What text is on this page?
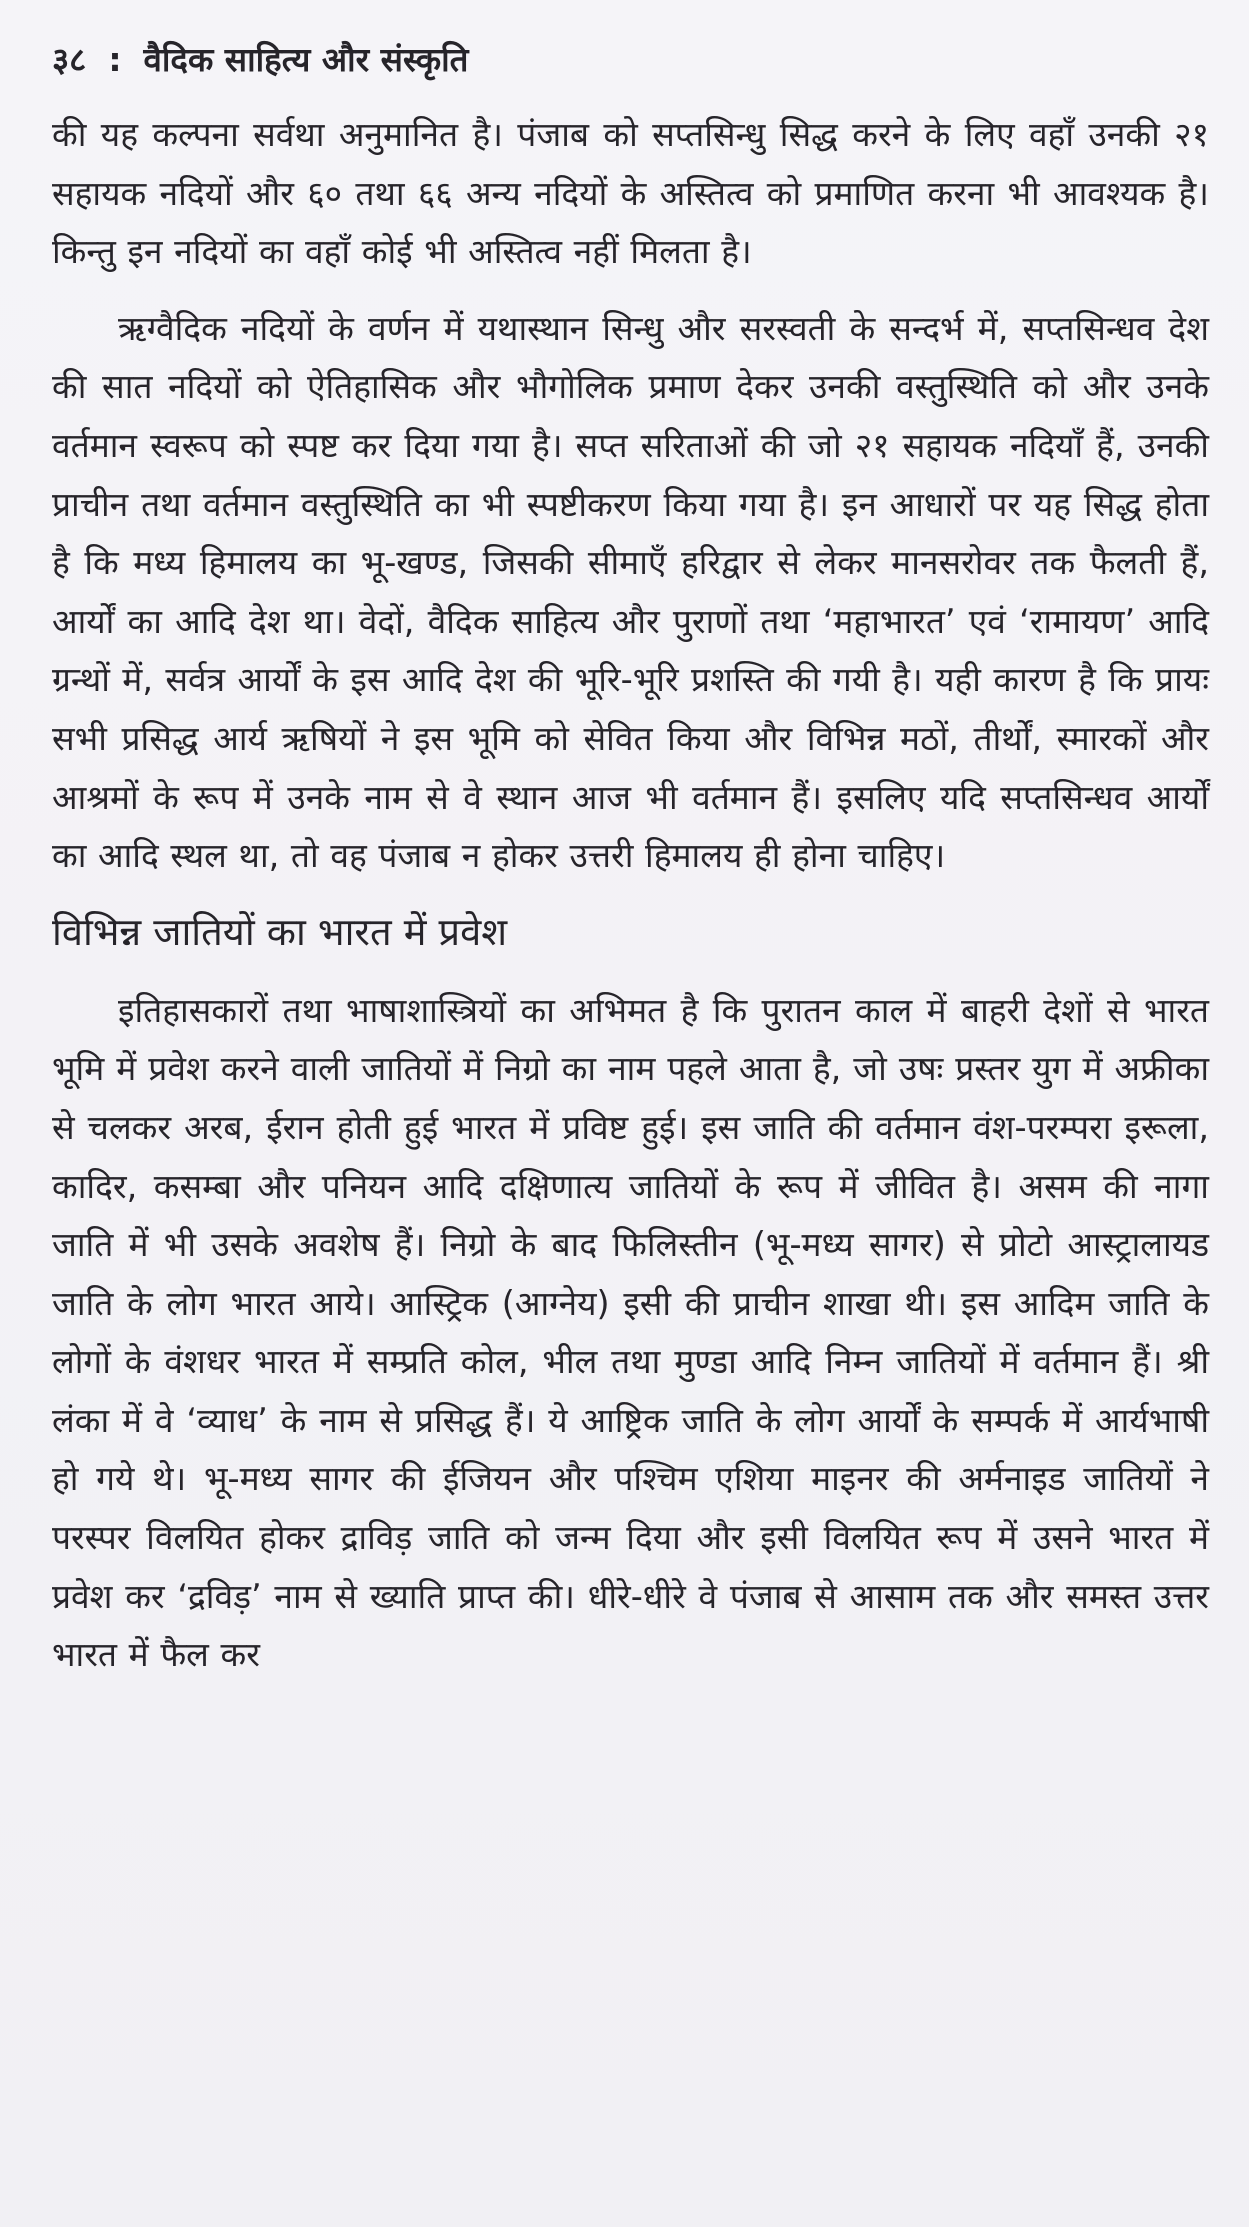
३८ : वैदिक साहित्य और संस्कृति

की यह कल्पना सर्वथा अनुमानित है। पंजाब को सप्तसिन्धु सिद्ध करने के लिए वहाँ उनकी २१ सहायक नदियों और ६० तथा ६६ अन्य नदियों के अस्तित्व को प्रमाणित करना भी आवश्यक है। किन्तु इन नदियों का वहाँ कोई भी अस्तित्व नहीं मिलता है।

ऋग्वैदिक नदियों के वर्णन में यथास्थान सिन्धु और सरस्वती के सन्दर्भ में, सप्तसिन्धव देश की सात नदियों को ऐतिहासिक और भौगोलिक प्रमाण देकर उनकी वस्तुस्थिति को और उनके वर्तमान स्वरूप को स्पष्ट कर दिया गया है। सप्त सरिताओं की जो २१ सहायक नदियाँ हैं, उनकी प्राचीन तथा वर्तमान वस्तुस्थिति का भी स्पष्टीकरण किया गया है। इन आधारों पर यह सिद्ध होता है कि मध्य हिमालय का भू-खण्ड, जिसकी सीमाएँ हरिद्वार से लेकर मानसरोवर तक फैलती हैं, आर्यों का आदि देश था। वेदों, वैदिक साहित्य और पुराणों तथा ‘महाभारत’ एवं ‘रामायण’ आदि ग्रन्थों में, सर्वत्र आर्यों के इस आदि देश की भूरि-भूरि प्रशस्ति की गयी है। यही कारण है कि प्रायः सभी प्रसिद्ध आर्य ऋषियों ने इस भूमि को सेवित किया और विभिन्न मठों, तीर्थों, स्मारकों और आश्रमों के रूप में उनके नाम से वे स्थान आज भी वर्तमान हैं। इसलिए यदि सप्तसिन्धव आर्यों का आदि स्थल था, तो वह पंजाब न होकर उत्तरी हिमालय ही होना चाहिए।

विभिन्न जातियों का भारत में प्रवेश

इतिहासकारों तथा भाषाशास्त्रियों का अभिमत है कि पुरातन काल में बाहरी देशों से भारत भूमि में प्रवेश करने वाली जातियों में निग्रो का नाम पहले आता है, जो उषः प्रस्तर युग में अफ्रीका से चलकर अरब, ईरान होती हुई भारत में प्रविष्ट हुई। इस जाति की वर्तमान वंश-परम्परा इरूला, कादिर, कसम्बा और पनियन आदि दक्षिणात्य जातियों के रूप में जीवित है। असम की नागा जाति में भी उसके अवशेष हैं। निग्रो के बाद फिलिस्तीन (भू-मध्य सागर) से प्रोटो आस्ट्रालायड जाति के लोग भारत आये। आस्ट्रिक (आग्नेय) इसी की प्राचीन शाखा थी। इस आदिम जाति के लोगों के वंशधर भारत में सम्प्रति कोल, भील तथा मुण्डा आदि निम्न जातियों में वर्तमान हैं। श्री लंका में वे ‘व्याध’ के नाम से प्रसिद्ध हैं। ये आष्ट्रिक जाति के लोग आर्यों के सम्पर्क में आर्यभाषी हो गये थे। भू-मध्य सागर की ईजियन और पश्चिम एशिया माइनर की अर्मनाइड जातियों ने परस्पर विलयित होकर द्राविड़ जाति को जन्म दिया और इसी विलयित रूप में उसने भारत में प्रवेश कर ‘द्रविड़’ नाम से ख्याति प्राप्त की। धीरे-धीरे वे पंजाब से आसाम तक और समस्त उत्तर भारत में फैल कर
